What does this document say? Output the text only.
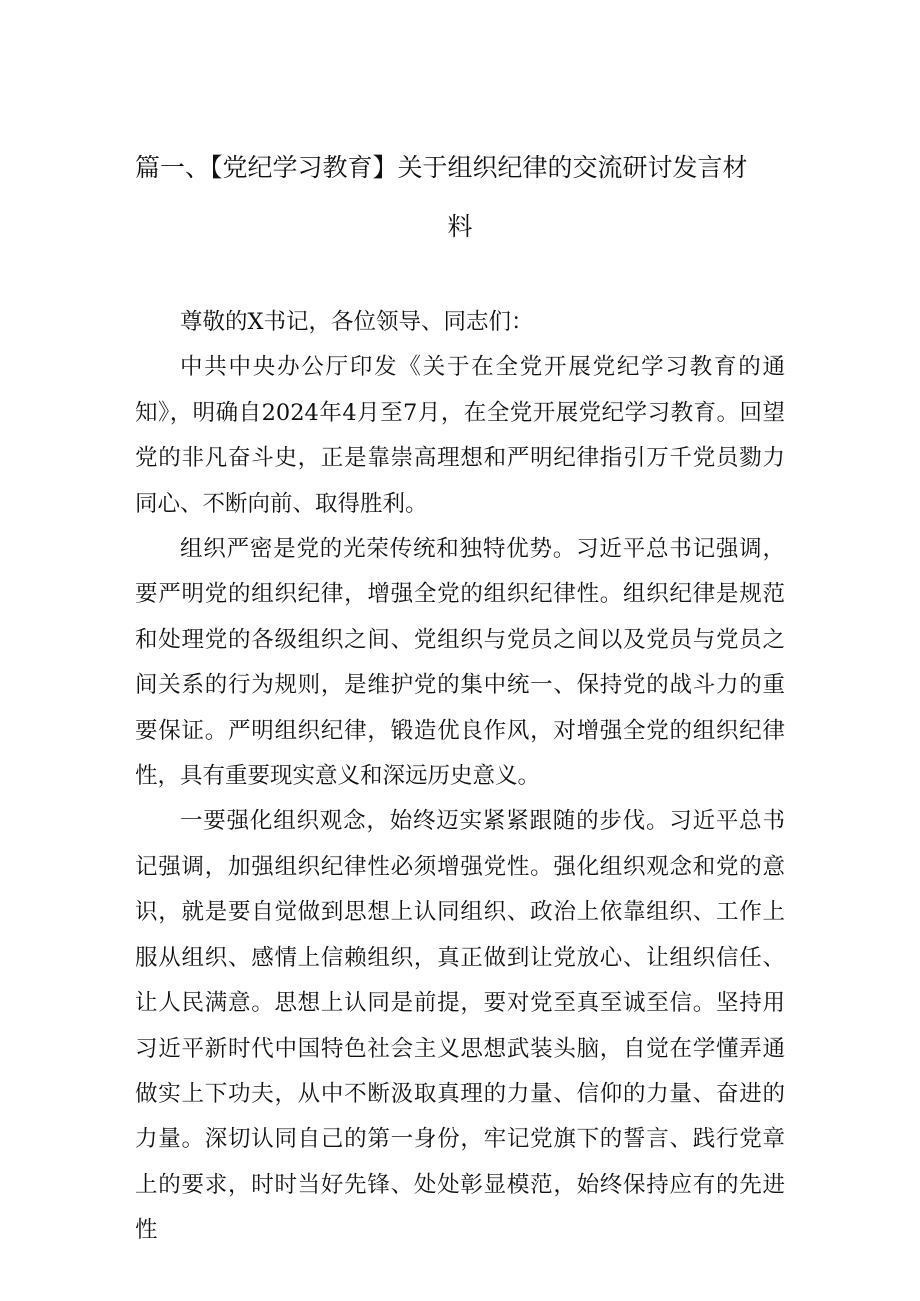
篇一、【党纪学习教育】关于组织纪律的交流研讨发言材
料

尊敬的X书记，各位领导、同志们：

中共中央办公厅印发《关于在全党开展党纪学习教育的通知》，明确自2024年4月至7月，在全党开展党纪学习教育。回望党的非凡奋斗史，正是靠崇高理想和严明纪律指引万千党员勠力同心、不断向前、取得胜利。

组织严密是党的光荣传统和独特优势。习近平总书记强调，要严明党的组织纪律，增强全党的组织纪律性。组织纪律是规范和处理党的各级组织之间、党组织与党员之间以及党员与党员之间关系的行为规则，是维护党的集中统一、保持党的战斗力的重要保证。严明组织纪律，锻造优良作风，对增强全党的组织纪律性，具有重要现实意义和深远历史意义。

一要强化组织观念，始终迈实紧紧跟随的步伐。习近平总书记强调，加强组织纪律性必须增强党性。强化组织观念和党的意识，就是要自觉做到思想上认同组织、政治上依靠组织、工作上服从组织、感情上信赖组织，真正做到让党放心、让组织信任、让人民满意。思想上认同是前提，要对党至真至诚至信。坚持用习近平新时代中国特色社会主义思想武装头脑，自觉在学懂弄通做实上下功夫，从中不断汲取真理的力量、信仰的力量、奋进的力量。深切认同自己的第一身份，牢记党旗下的誓言、践行党章上的要求，时时当好先锋、处处彰显模范，始终保持应有的先进性
